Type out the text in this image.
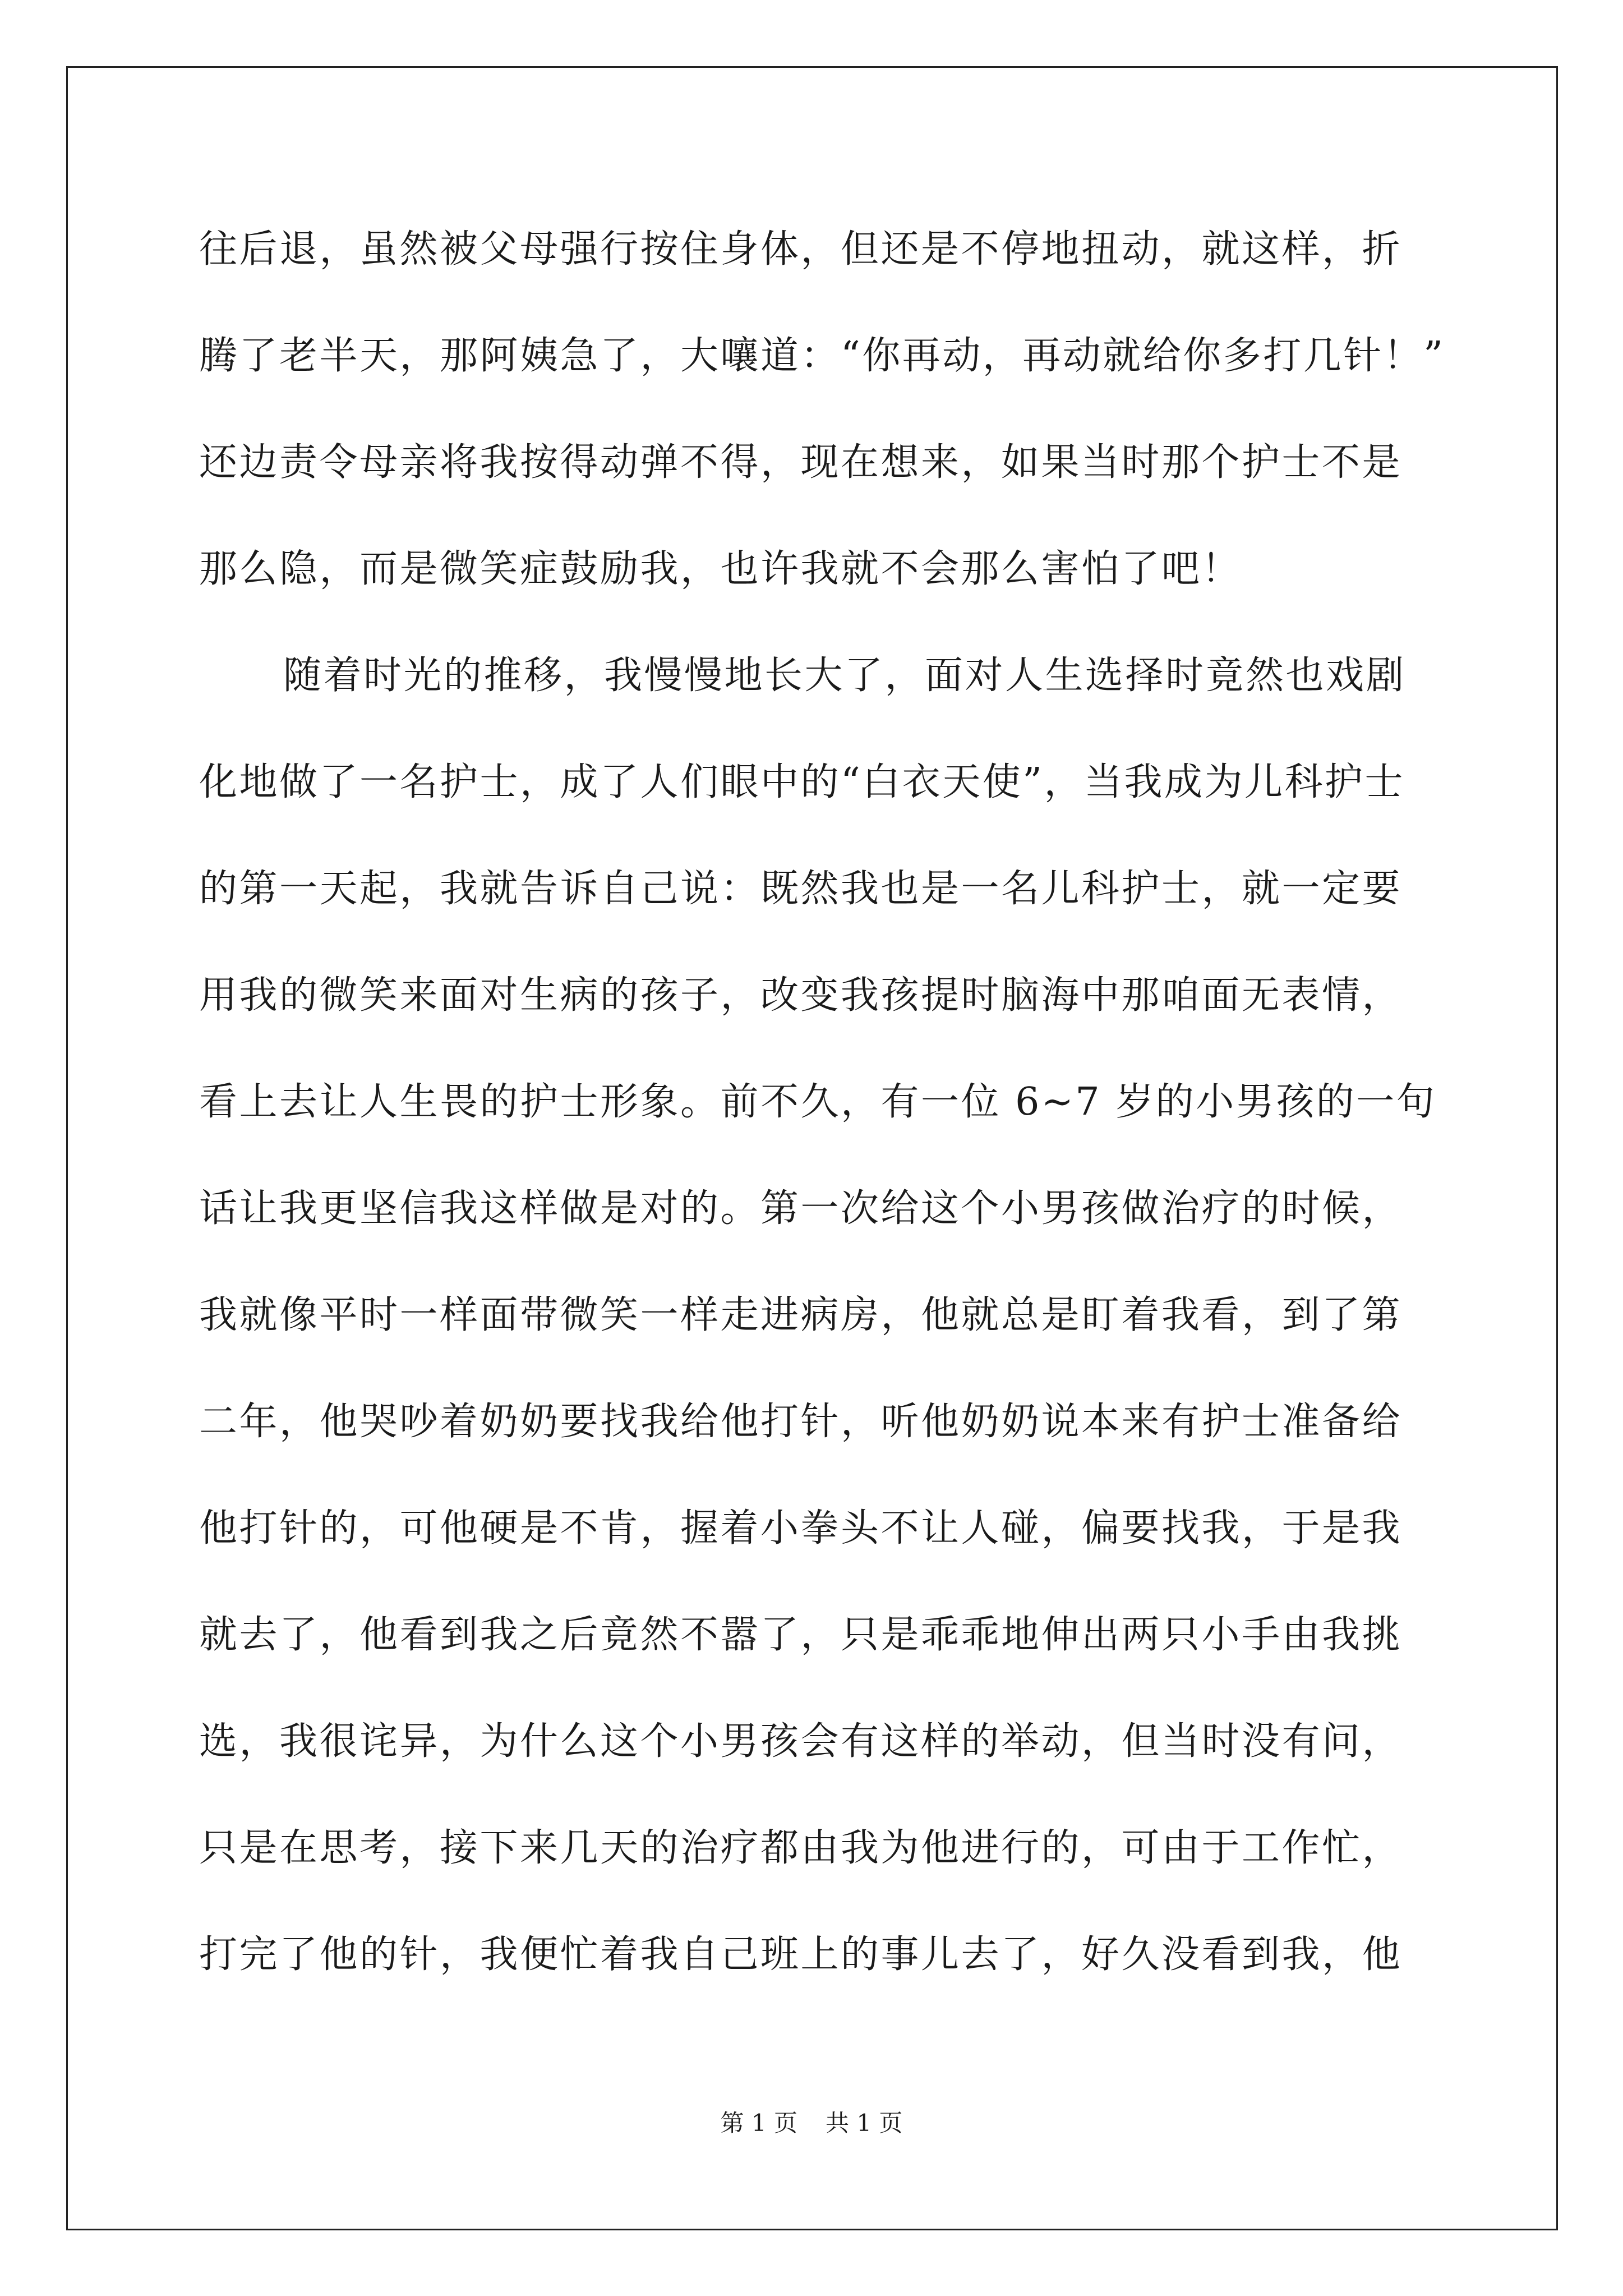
往后退，虽然被父母强行按住身体，但还是不停地扭动，就这样，折
腾了老半天，那阿姨急了，大嚷道：“你再动，再动就给你多打几针！”
还边责令母亲将我按得动弹不得，现在想来，如果当时那个护士不是
那么隐，而是微笑症鼓励我，也许我就不会那么害怕了吧！
随着时光的推移，我慢慢地长大了，面对人生选择时竟然也戏剧
化地做了一名护士，成了人们眼中的“白衣天使”，当我成为儿科护士
的第一天起，我就告诉自己说：既然我也是一名儿科护士，就一定要
用我的微笑来面对生病的孩子，改变我孩提时脑海中那咱面无表情，
看上去让人生畏的护士形象。前不久，有一位 6~7 岁的小男孩的一句
话让我更坚信我这样做是对的。第一次给这个小男孩做治疗的时候，
我就像平时一样面带微笑一样走进病房，他就总是盯着我看，到了第
二年，他哭吵着奶奶要找我给他打针，听他奶奶说本来有护士准备给
他打针的，可他硬是不肯，握着小拳头不让人碰，偏要找我，于是我
就去了，他看到我之后竟然不嚣了，只是乖乖地伸出两只小手由我挑
选，我很诧异，为什么这个小男孩会有这样的举动，但当时没有问，
只是在思考，接下来几天的治疗都由我为他进行的，可由于工作忙，
打完了他的针，我便忙着我自己班上的事儿去了，好久没看到我，他
第 1 页 共 1 页
